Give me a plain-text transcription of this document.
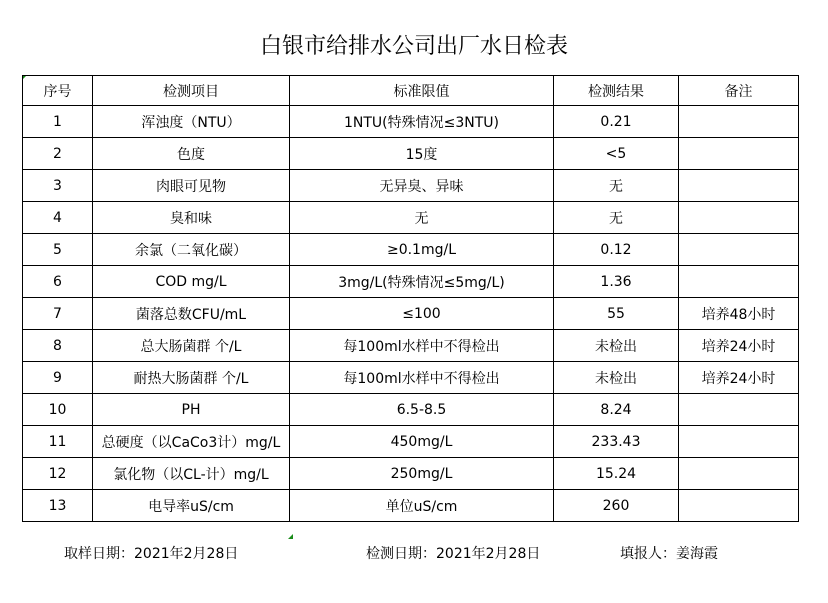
白银市给排水公司出厂水日检表
序号	检测项目	标准限值	检测结果	备注
1	浑浊度（NTU）	1NTU(特殊情况≤3NTU)	0.21	
2	色度	15度	<5	
3	肉眼可见物	无异臭、异味	无	
4	臭和味	无	无	
5	余氯（二氧化碳）	≥0.1mg/L	0.12	
6	COD mg/L	3mg/L(特殊情况≤5mg/L)	1.36	
7	菌落总数CFU/mL	≤100	55	培养48小时
8	总大肠菌群 个/L	每100ml水样中不得检出	未检出	培养24小时
9	耐热大肠菌群 个/L	每100ml水样中不得检出	未检出	培养24小时
10	PH	6.5-8.5	8.24	
11	总硬度（以CaCo3计）mg/L	450mg/L	233.43	
12	氯化物（以CL-计）mg/L	250mg/L	15.24	
13	电导率uS/cm	单位uS/cm	260	
取样日期：2021年2月28日	检测日期：2021年2月28日	填报人：姜海霞
